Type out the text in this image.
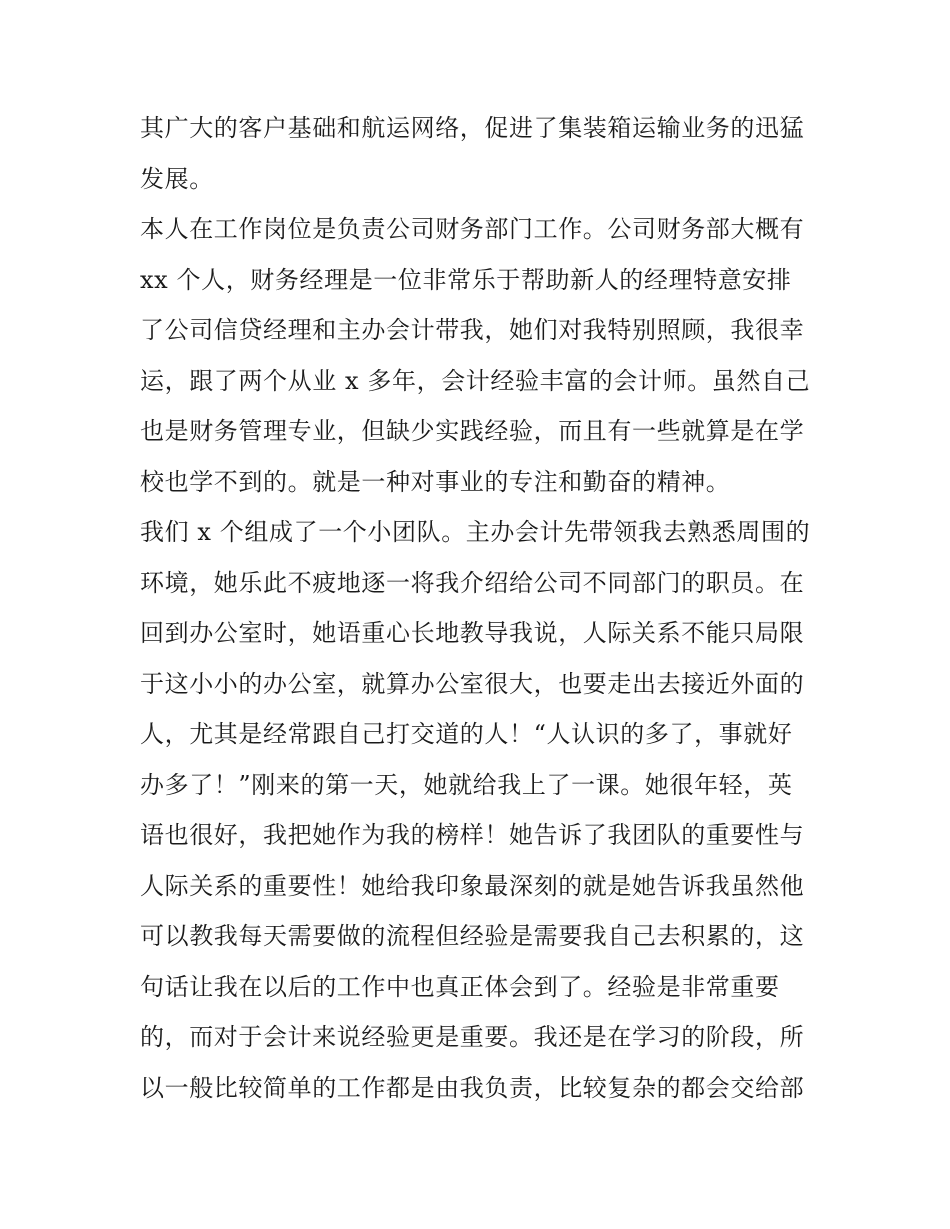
其广大的客户基础和航运网络，促进了集装箱运输业务的迅猛
发展。
本人在工作岗位是负责公司财务部门工作。公司财务部大概有
xx 个人，财务经理是一位非常乐于帮助新人的经理特意安排
了公司信贷经理和主办会计带我，她们对我特别照顾，我很幸
运，跟了两个从业 x 多年，会计经验丰富的会计师。虽然自己
也是财务管理专业，但缺少实践经验，而且有一些就算是在学
校也学不到的。就是一种对事业的专注和勤奋的精神。
我们 x 个组成了一个小团队。主办会计先带领我去熟悉周围的
环境，她乐此不疲地逐一将我介绍给公司不同部门的职员。在
回到办公室时，她语重心长地教导我说，人际关系不能只局限
于这小小的办公室，就算办公室很大，也要走出去接近外面的
人，尤其是经常跟自己打交道的人！“人认识的多了，事就好
办多了！”刚来的第一天，她就给我上了一课。她很年轻，英
语也很好，我把她作为我的榜样！她告诉了我团队的重要性与
人际关系的重要性！她给我印象最深刻的就是她告诉我虽然他
可以教我每天需要做的流程但经验是需要我自己去积累的，这
句话让我在以后的工作中也真正体会到了。经验是非常重要
的，而对于会计来说经验更是重要。我还是在学习的阶段，所
以一般比较简单的工作都是由我负责，比较复杂的都会交给部
